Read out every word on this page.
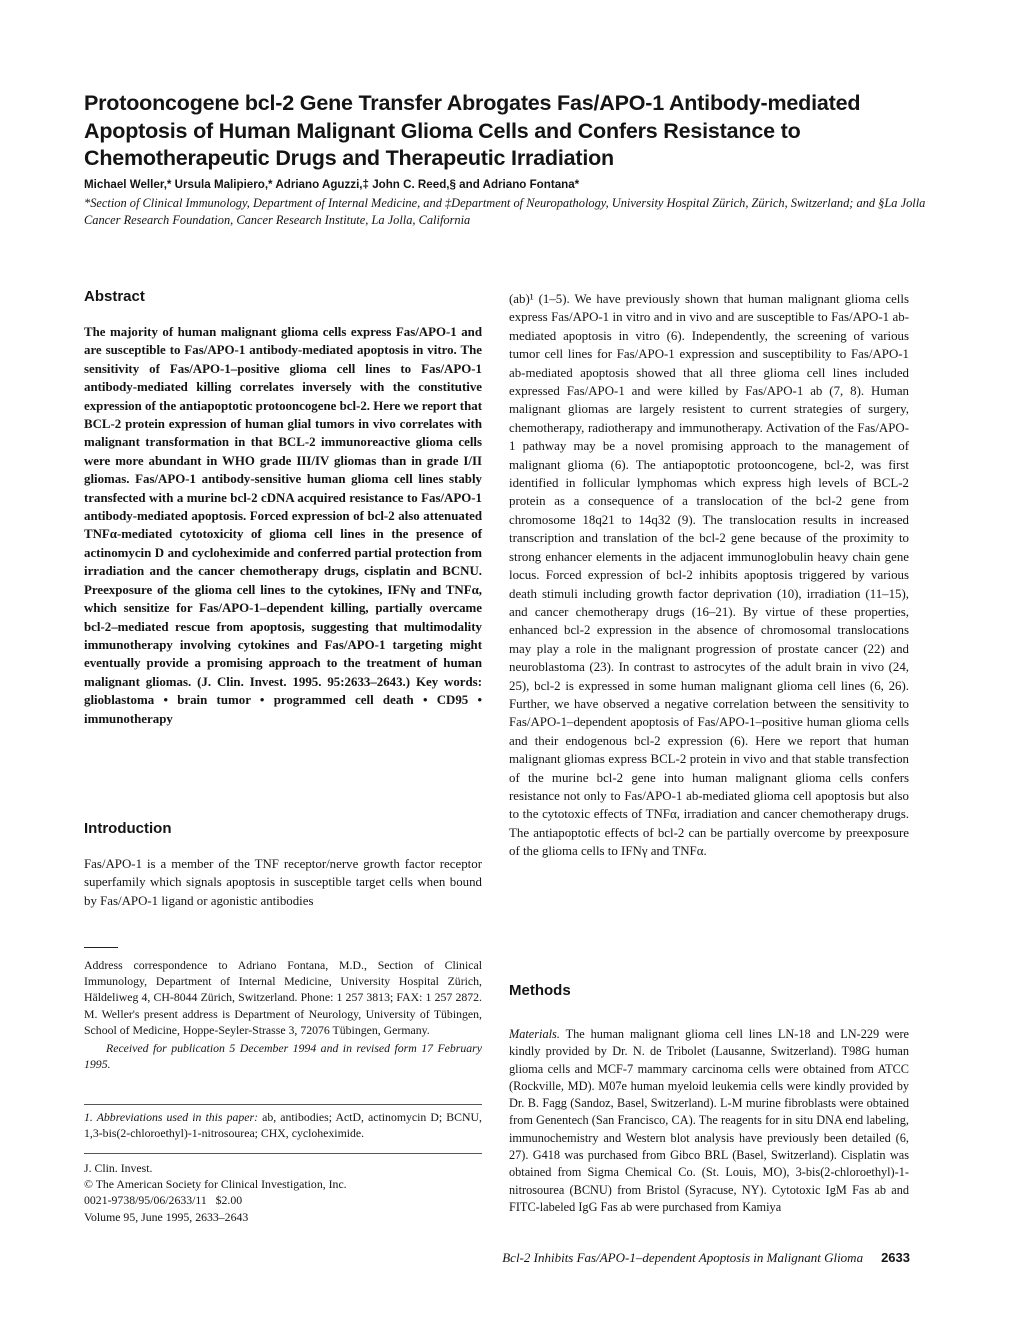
Protooncogene bcl-2 Gene Transfer Abrogates Fas/APO-1 Antibody-mediated Apoptosis of Human Malignant Glioma Cells and Confers Resistance to Chemotherapeutic Drugs and Therapeutic Irradiation
Michael Weller,* Ursula Malipiero,* Adriano Aguzzi,‡ John C. Reed,§ and Adriano Fontana*
*Section of Clinical Immunology, Department of Internal Medicine, and ‡Department of Neuropathology, University Hospital Zürich, Zürich, Switzerland; and §La Jolla Cancer Research Foundation, Cancer Research Institute, La Jolla, California
Abstract

The majority of human malignant glioma cells express Fas/APO-1 and are susceptible to Fas/APO-1 antibody-mediated apoptosis in vitro. The sensitivity of Fas/APO-1–positive glioma cell lines to Fas/APO-1 antibody-mediated killing correlates inversely with the constitutive expression of the antiapoptotic protooncogene bcl-2. Here we report that BCL-2 protein expression of human glial tumors in vivo correlates with malignant transformation in that BCL-2 immunoreactive glioma cells were more abundant in WHO grade III/IV gliomas than in grade I/II gliomas. Fas/APO-1 antibody-sensitive human glioma cell lines stably transfected with a murine bcl-2 cDNA acquired resistance to Fas/APO-1 antibody-mediated apoptosis. Forced expression of bcl-2 also attenuated TNFα-mediated cytotoxicity of glioma cell lines in the presence of actinomycin D and cycloheximide and conferred partial protection from irradiation and the cancer chemotherapy drugs, cisplatin and BCNU. Preexposure of the glioma cell lines to the cytokines, IFNγ and TNFα, which sensitize for Fas/APO-1–dependent killing, partially overcame bcl-2–mediated rescue from apoptosis, suggesting that multimodality immunotherapy involving cytokines and Fas/APO-1 targeting might eventually provide a promising approach to the treatment of human malignant gliomas. (J. Clin. Invest. 1995. 95:2633–2643.) Key words: glioblastoma • brain tumor • programmed cell death • CD95 • immunotherapy

Introduction

Fas/APO-1 is a member of the TNF receptor/nerve growth factor receptor superfamily which signals apoptosis in susceptible target cells when bound by Fas/APO-1 ligand or agonistic antibodies

Address correspondence to Adriano Fontana, M.D., Section of Clinical Immunology, Department of Internal Medicine, University Hospital Zürich, Häldeliweg 4, CH-8044 Zürich, Switzerland. Phone: 1 257 3813; FAX: 1 257 2872. M. Weller's present address is Department of Neurology, University of Tübingen, School of Medicine, Hoppe-Seyler-Strasse 3, 72076 Tübingen, Germany.

Received for publication 5 December 1994 and in revised form 17 February 1995.

1. Abbreviations used in this paper: ab, antibodies; ActD, actinomycin D; BCNU, 1,3-bis(2-chloroethyl)-1-nitrosourea; CHX, cycloheximide.

J. Clin. Invest.
© The American Society for Clinical Investigation, Inc.
0021-9738/95/06/2633/11   $2.00
Volume 95, June 1995, 2633–2643

(ab)¹ (1–5). We have previously shown that human malignant glioma cells express Fas/APO-1 in vitro and in vivo and are susceptible to Fas/APO-1 ab-mediated apoptosis in vitro (6). Independently, the screening of various tumor cell lines for Fas/APO-1 expression and susceptibility to Fas/APO-1 ab-mediated apoptosis showed that all three glioma cell lines included expressed Fas/APO-1 and were killed by Fas/APO-1 ab (7, 8). Human malignant gliomas are largely resistent to current strategies of surgery, chemotherapy, radiotherapy and immunotherapy. Activation of the Fas/APO-1 pathway may be a novel promising approach to the management of malignant glioma (6). The antiapoptotic protooncogene, bcl-2, was first identified in follicular lymphomas which express high levels of BCL-2 protein as a consequence of a translocation of the bcl-2 gene from chromosome 18q21 to 14q32 (9). The translocation results in increased transcription and translation of the bcl-2 gene because of the proximity to strong enhancer elements in the adjacent immunoglobulin heavy chain gene locus. Forced expression of bcl-2 inhibits apoptosis triggered by various death stimuli including growth factor deprivation (10), irradiation (11–15), and cancer chemotherapy drugs (16–21). By virtue of these properties, enhanced bcl-2 expression in the absence of chromosomal translocations may play a role in the malignant progression of prostate cancer (22) and neuroblastoma (23). In contrast to astrocytes of the adult brain in vivo (24, 25), bcl-2 is expressed in some human malignant glioma cell lines (6, 26). Further, we have observed a negative correlation between the sensitivity to Fas/APO-1–dependent apoptosis of Fas/APO-1–positive human glioma cells and their endogenous bcl-2 expression (6). Here we report that human malignant gliomas express BCL-2 protein in vivo and that stable transfection of the murine bcl-2 gene into human malignant glioma cells confers resistance not only to Fas/APO-1 ab-mediated glioma cell apoptosis but also to the cytotoxic effects of TNFα, irradiation and cancer chemotherapy drugs. The antiapoptotic effects of bcl-2 can be partially overcome by preexposure of the glioma cells to IFNγ and TNFα.

Methods

Materials. The human malignant glioma cell lines LN-18 and LN-229 were kindly provided by Dr. N. de Tribolet (Lausanne, Switzerland). T98G human glioma cells and MCF-7 mammary carcinoma cells were obtained from ATCC (Rockville, MD). M07e human myeloid leukemia cells were kindly provided by Dr. B. Fagg (Sandoz, Basel, Switzerland). L-M murine fibroblasts were obtained from Genentech (San Francisco, CA). The reagents for in situ DNA end labeling, immunochemistry and Western blot analysis have previously been detailed (6, 27). G418 was purchased from Gibco BRL (Basel, Switzerland). Cisplatin was obtained from Sigma Chemical Co. (St. Louis, MO), 3-bis(2-chloroethyl)-1-nitrosourea (BCNU) from Bristol (Syracuse, NY). Cytotoxic IgM Fas ab and FITC-labeled IgG Fas ab were purchased from Kamiya

Bcl-2 Inhibits Fas/APO-1–dependent Apoptosis in Malignant Glioma 2633
